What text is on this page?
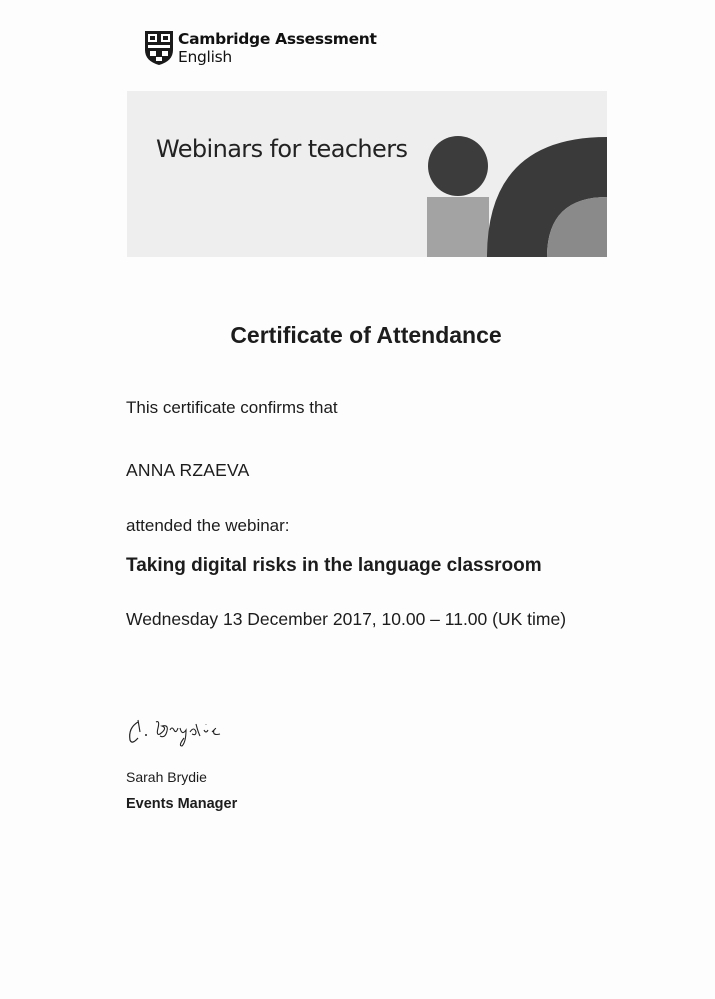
Cambridge Assessment
English
Webinars for teachers
Certificate of Attendance
This certificate confirms that
ANNA RZAEVA
attended the webinar:
Taking digital risks in the language classroom
Wednesday 13 December 2017, 10.00 – 11.00 (UK time)
Sarah Brydie
Events Manager
